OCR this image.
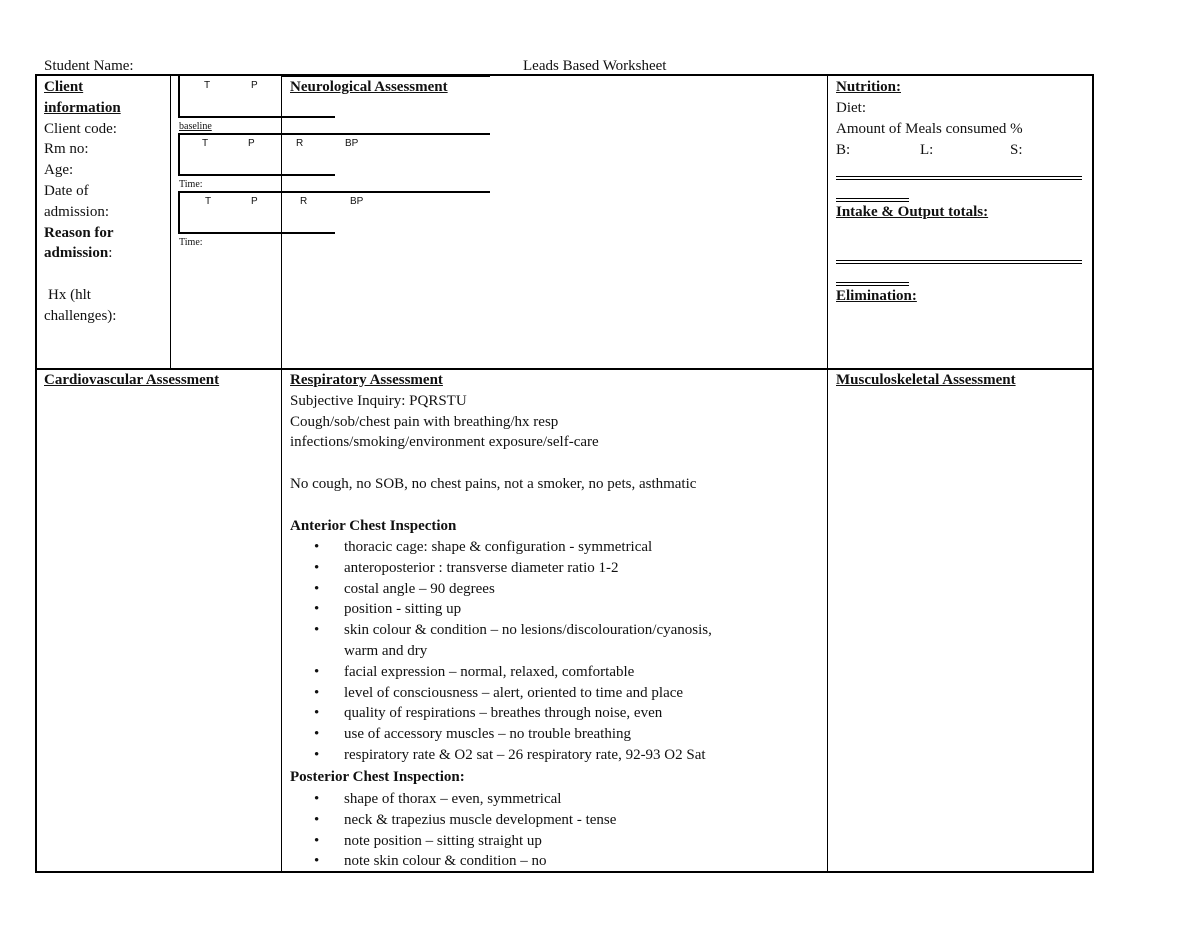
Student Name:	Leads Based Worksheet
Client
information
Client code:
Rm no:
Age:
Date of
admission:
Reason for
admission:

Hx (hlt
challenges):
T	P
baseline
T	P	R	BP
Time:
T	P	R	BP
Time:
Neurological Assessment	Nutrition:
Diet:
Amount of Meals consumed %
B:	L:	S:
Intake & Output totals:
Elimination:
Cardiovascular Assessment	Respiratory Assessment
Subjective Inquiry: PQRSTU
Cough/sob/chest pain with breathing/hx resp
infections/smoking/environment exposure/self-care

No cough, no SOB, no chest pains, not a smoker, no pets, asthmatic

Anterior Chest Inspection
• thoracic cage: shape & configuration - symmetrical
• anteroposterior : transverse diameter ratio 1-2
• costal angle – 90 degrees
• position - sitting up
• skin colour & condition – no lesions/discolouration/cyanosis,
warm and dry
• facial expression – normal, relaxed, comfortable
• level of consciousness – alert, oriented to time and place
• quality of respirations – breathes through noise, even
• use of accessory muscles – no trouble breathing
• respiratory rate & O2 sat – 26 respiratory rate, 92-93 O2 Sat
Posterior Chest Inspection:
• shape of thorax – even, symmetrical
• neck & trapezius muscle development - tense
• note position – sitting straight up
• note skin colour & condition – no
Musculoskeletal Assessment
